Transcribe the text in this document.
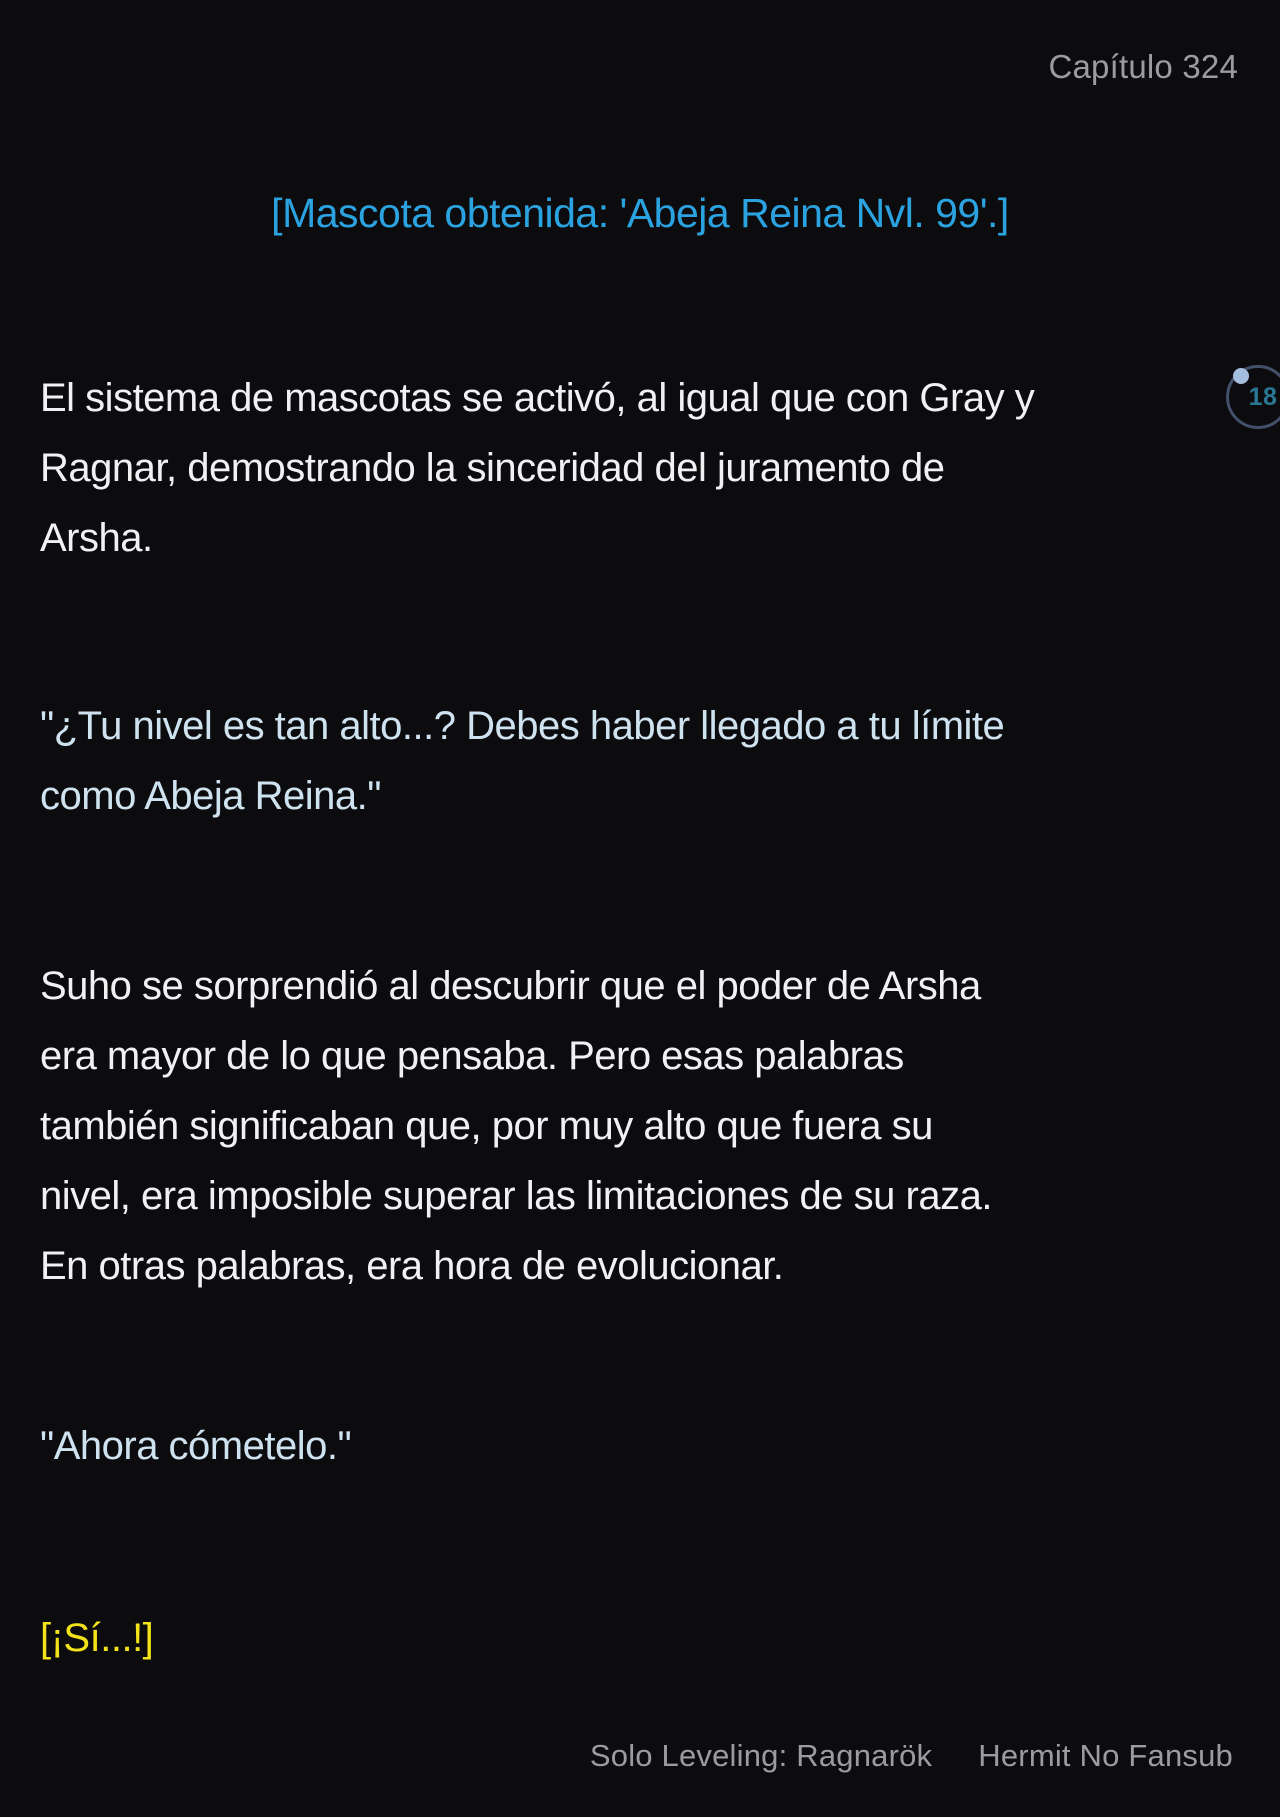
Capítulo 324
[Mascota obtenida: 'Abeja Reina Nvl. 99'.]

El sistema de mascotas se activó, al igual que con Gray y
Ragnar, demostrando la sinceridad del juramento de
Arsha.

"¿Tu nivel es tan alto...? Debes haber llegado a tu límite
como Abeja Reina."

Suho se sorprendió al descubrir que el poder de Arsha
era mayor de lo que pensaba. Pero esas palabras
también significaban que, por muy alto que fuera su
nivel, era imposible superar las limitaciones de su raza.
En otras palabras, era hora de evolucionar.

"Ahora cómetelo."

[¡Sí...!]

18
Solo Leveling: Ragnarök Hermit No Fansub
